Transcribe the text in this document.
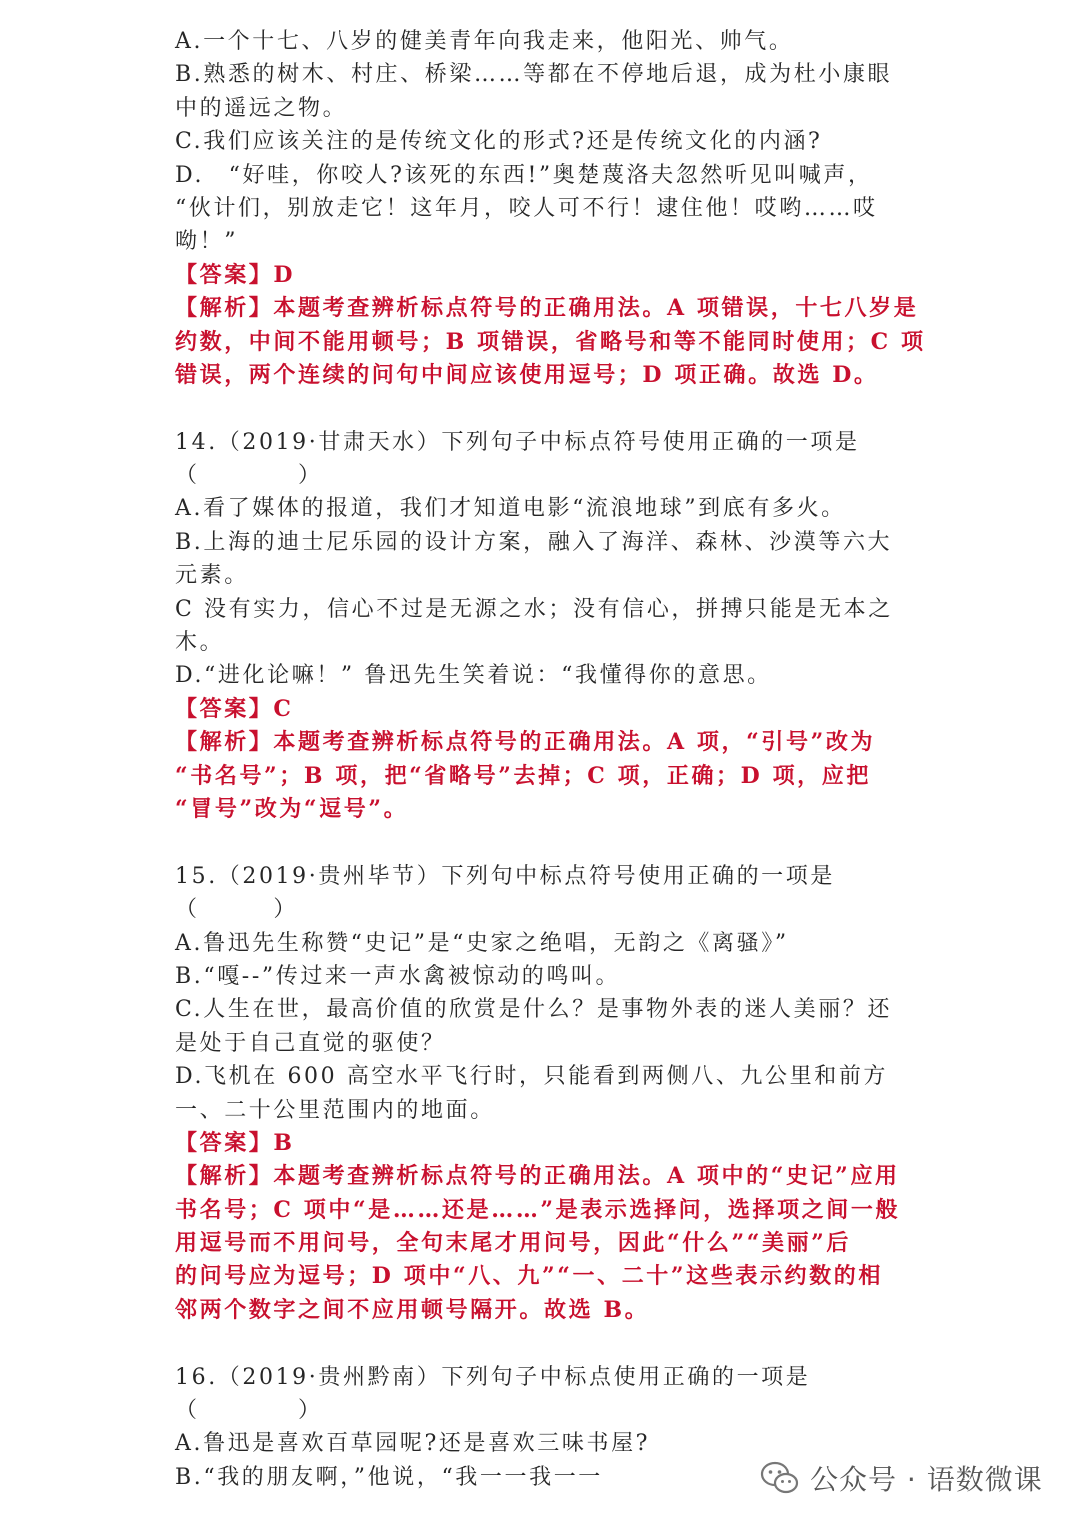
A.一个十七、八岁的健美青年向我走来，他阳光、帅气。
B.熟悉的树木、村庄、桥梁……等都在不停地后退，成为杜小康眼
中的遥远之物。
C.我们应该关注的是传统文化的形式?还是传统文化的内涵?
D.　“好哇，你咬人?该死的东西!”奥楚蔑洛夫忽然听见叫喊声，
“伙计们，别放走它！这年月，咬人可不行！逮住他！哎哟……哎
呦！”
【答案】D
【解析】本题考查辨析标点符号的正确用法。A 项错误，十七八岁是
约数，中间不能用顿号；B 项错误，省略号和等不能同时使用；C 项
错误，两个连续的问句中间应该使用逗号；D 项正确。故选 D。
14.（2019·甘肃天水）下列句子中标点符号使用正确的一项是
（　　　　）
A.看了媒体的报道，我们才知道电影“流浪地球”到底有多火。
B.上海的迪士尼乐园的设计方案，融入了海洋、森林、沙漠等六大
元素。
C 没有实力，信心不过是无源之水；没有信心，拼搏只能是无本之
木。
D.“进化论嘛！” 鲁迅先生笑着说：“我懂得你的意思。
【答案】C
【解析】本题考查辨析标点符号的正确用法。A 项，“引号”改为
“书名号”；B 项，把“省略号”去掉；C 项，正确；D 项，应把
“冒号”改为“逗号”。
15.（2019·贵州毕节）下列句中标点符号使用正确的一项是
（　　　）
A.鲁迅先生称赞“史记”是“史家之绝唱，无韵之《离骚》”
B.“嘎--”传过来一声水禽被惊动的鸣叫。
C.人生在世，最高价值的欣赏是什么？是事物外表的迷人美丽？还
是处于自己直觉的驱使？
D.飞机在 600 高空水平飞行时，只能看到两侧八、九公里和前方
一、二十公里范围内的地面。
【答案】B
【解析】本题考查辨析标点符号的正确用法。A 项中的“史记”应用
书名号；C 项中“是……还是……”是表示选择问，选择项之间一般
用逗号而不用问号，全句末尾才用问号，因此“什么”“美丽”后
的问号应为逗号；D 项中“八、九”“一、二十”这些表示约数的相
邻两个数字之间不应用顿号隔开。故选 B。
16.（2019·贵州黔南）下列句子中标点使用正确的一项是
（　　　　）
A.鲁迅是喜欢百草园呢?还是喜欢三味书屋?
B.“我的朋友啊，”他说，“我一一我一一	公众号 · 语数微课
